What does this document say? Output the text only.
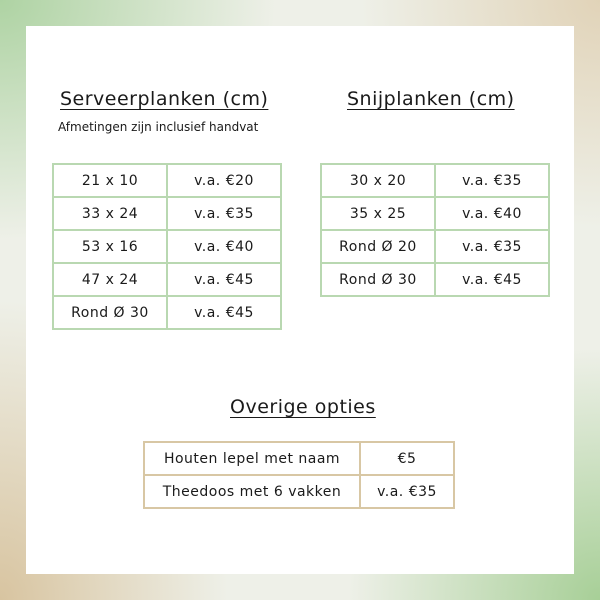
Serveerplanken (cm)
Afmetingen zijn inclusief handvat
21 x 10	v.a. €20
33 x 24	v.a. €35
53 x 16	v.a. €40
47 x 24	v.a. €45
Rond Ø 30	v.a. €45
Snijplanken (cm)
30 x 20	v.a. €35
35 x 25	v.a. €40
Rond Ø 20	v.a. €35
Rond Ø 30	v.a. €45
Overige opties
Houten lepel met naam	€5
Theedoos met 6 vakken	v.a. €35
